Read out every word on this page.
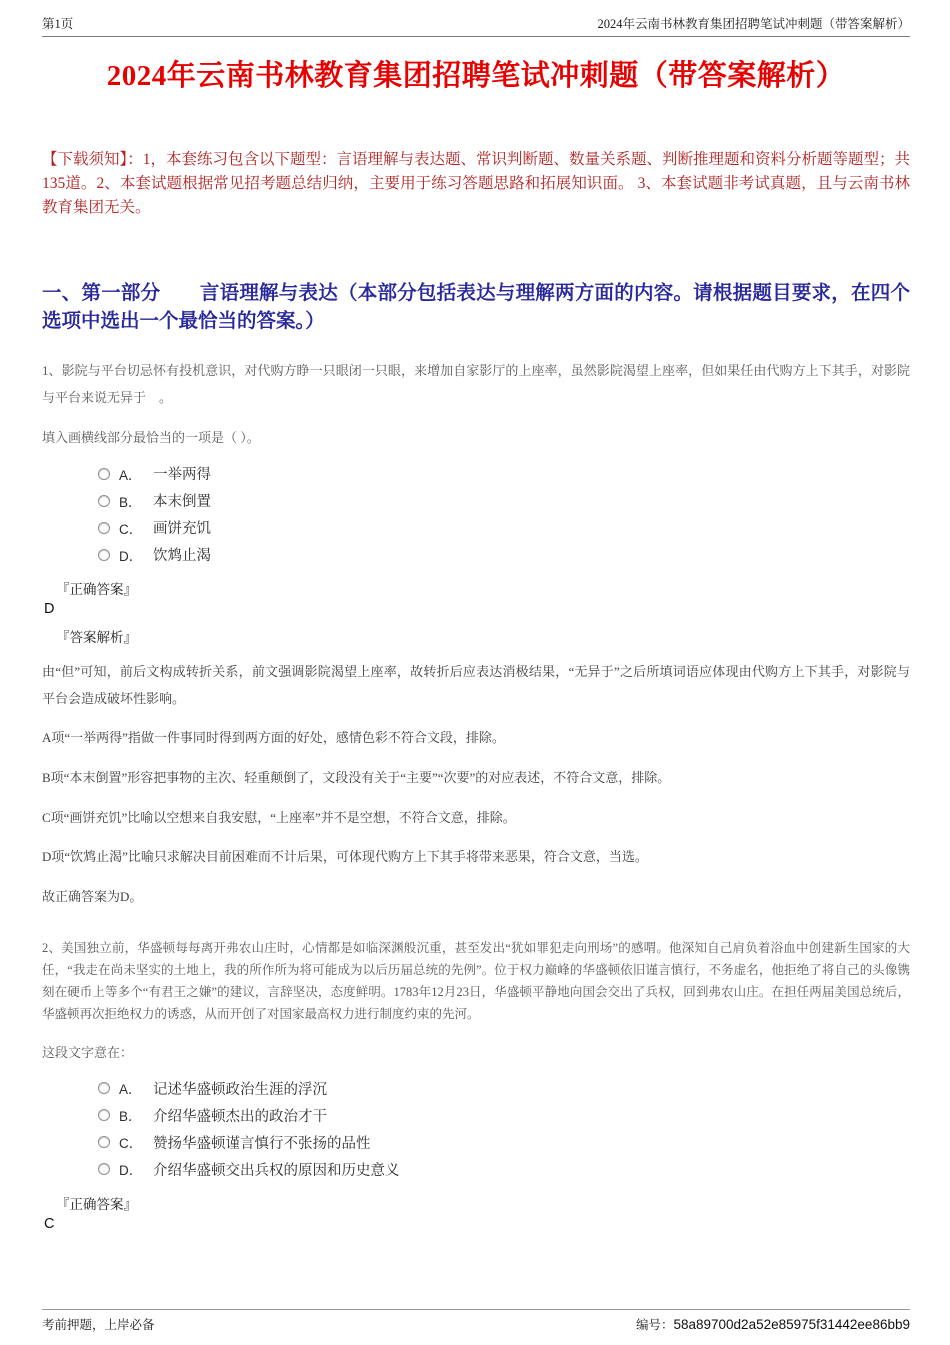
第1页	2024年云南书林教育集团招聘笔试冲刺题（带答案解析）
2024年云南书林教育集团招聘笔试冲刺题（带答案解析）

【下载须知】：1，本套练习包含以下题型：言语理解与表达题、常识判断题、数量关系题、判断推理题和资料分析题等题型；共135道。2、本套试题根据常见招考题总结归纳，主要用于练习答题思路和拓展知识面。 3、本套试题非考试真题，且与云南书林教育集团无关。

一、第一部分　　言语理解与表达（本部分包括表达与理解两方面的内容。请根据题目要求，在四个选项中选出一个最恰当的答案。）

1、影院与平台切忌怀有投机意识，对代购方睁一只眼闭一只眼，来增加自家影厅的上座率，虽然影院渴望上座率，但如果任由代购方上下其手，对影院与平台来说无异于　。

填入画横线部分最恰当的一项是（ ）。

A． 一举两得
B． 本末倒置
C． 画饼充饥
D． 饮鸩止渴
『正确答案』
D
『答案解析』

由“但”可知，前后文构成转折关系，前文强调影院渴望上座率，故转折后应表达消极结果，“无异于”之后所填词语应体现由代购方上下其手，对影院与平台会造成破坏性影响。

A项“一举两得”指做一件事同时得到两方面的好处，感情色彩不符合文段，排除。

B项“本末倒置”形容把事物的主次、轻重颠倒了，文段没有关于“主要”“次要”的对应表述，不符合文意，排除。

C项“画饼充饥”比喻以空想来自我安慰，“上座率”并不是空想，不符合文意，排除。

D项“饮鸩止渴”比喻只求解决目前困难而不计后果，可体现代购方上下其手将带来恶果，符合文意，当选。

故正确答案为D。

2、美国独立前，华盛顿每每离开弗农山庄时，心情都是如临深渊般沉重，甚至发出“犹如罪犯走向刑场”的感喟。他深知自己肩负着浴血中创建新生国家的大任，“我走在尚未坚实的土地上，我的所作所为将可能成为以后历届总统的先例”。位于权力巅峰的华盛顿依旧谨言慎行，不务虚名，他拒绝了将自己的头像镌刻在硬币上等多个“有君王之嫌”的建议，言辞坚决，态度鲜明。1783年12月23日，华盛顿平静地向国会交出了兵权，回到弗农山庄。在担任两届美国总统后，华盛顿再次拒绝权力的诱惑，从而开创了对国家最高权力进行制度约束的先河。

这段文字意在：

A． 记述华盛顿政治生涯的浮沉
B． 介绍华盛顿杰出的政治才干
C． 赞扬华盛顿谨言慎行不张扬的品性
D． 介绍华盛顿交出兵权的原因和历史意义
『正确答案』
C
考前押题，上岸必备	编号： 58a89700d2a52e85975f31442ee86bb9
